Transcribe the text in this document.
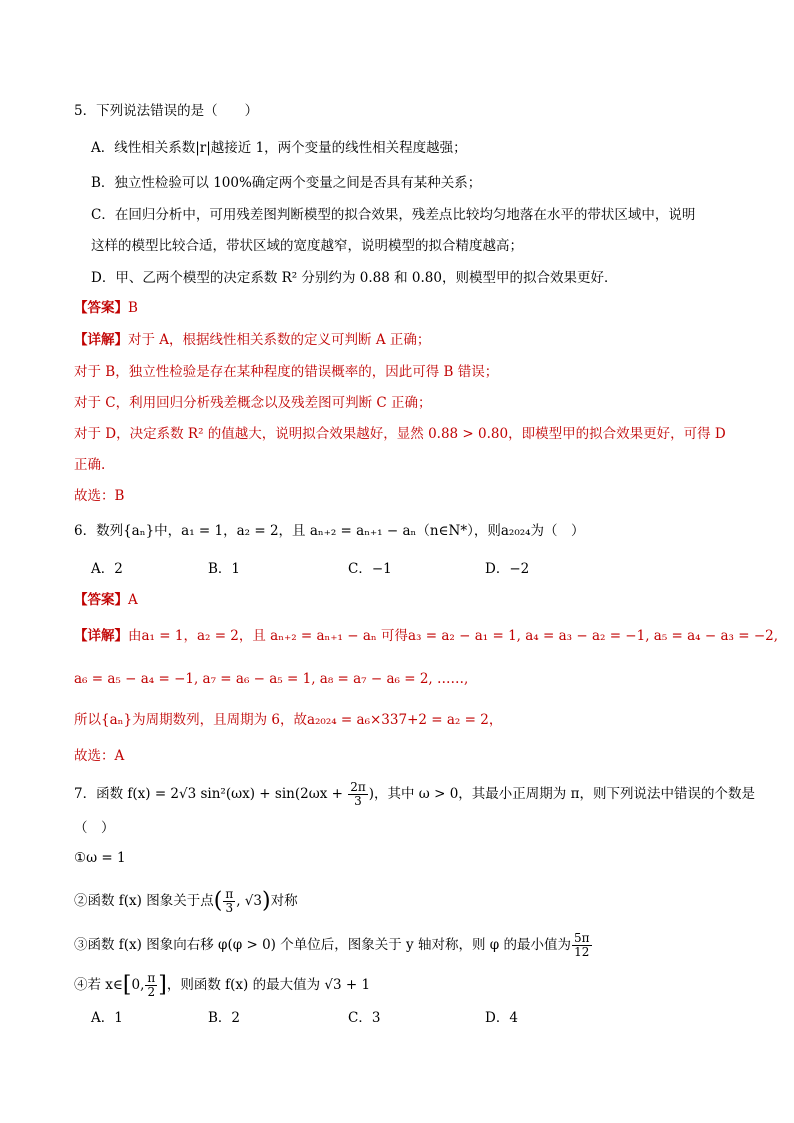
5．下列说法错误的是（　　）
A．线性相关系数|r|越接近 1，两个变量的线性相关程度越强；
B．独立性检验可以 100%确定两个变量之间是否具有某种关系；
C．在回归分析中，可用残差图判断模型的拟合效果，残差点比较均匀地落在水平的带状区域中，说明
这样的模型比较合适，带状区域的宽度越窄，说明模型的拟合精度越高；
D．甲、乙两个模型的决定系数 R² 分别约为 0.88 和 0.80，则模型甲的拟合效果更好．
【答案】B
【详解】对于 A，根据线性相关系数的定义可判断 A 正确；
对于 B，独立性检验是存在某种程度的错误概率的，因此可得 B 错误；
对于 C，利用回归分析残差概念以及残差图可判断 C 正确；
对于 D，决定系数 R² 的值越大，说明拟合效果越好，显然 0.88 > 0.80，即模型甲的拟合效果更好，可得 D
正确.
故选：B
6．数列{aₙ}中，a₁ = 1，a₂ = 2，且 aₙ₊₂ = aₙ₊₁ − aₙ（n∈N*），则a₂₀₂₄为（　）
A．2	B．1	C．−1	D．−2
【答案】A
【详解】由a₁ = 1，a₂ = 2，且 aₙ₊₂ = aₙ₊₁ − aₙ 可得a₃ = a₂ − a₁ = 1, a₄ = a₃ − a₂ = −1, a₅ = a₄ − a₃ = −2,
a₆ = a₅ − a₄ = −1, a₇ = a₆ − a₅ = 1, a₈ = a₇ − a₆ = 2, ……,
所以{aₙ}为周期数列，且周期为 6，故a₂₀₂₄ = a₆×337+2 = a₂ = 2，
故选：A
7．函数 f(x) = 2√3 $\sin^2(\omega x) + \sin(2\omega x + \frac{2\pi}{3}$ )，其中 ω > 0，其最小正周期为 π，则下列说法中错误的个数是
（　）
①ω = 1
②函数 f(x) 图象关于点( $\frac{\pi}{3}$ , √3)对称
③函数 f(x) 图象向右移 φ(φ > 0) 个单位后，图象关于 y 轴对称，则 φ 的最小值为 $\frac{5\pi}{12}$
④若 x∈[0, $\frac{\pi}{2}$ ]，则函数 f(x) 的最大值为 √3 + 1
A．1	B．2	C．3	D．4
